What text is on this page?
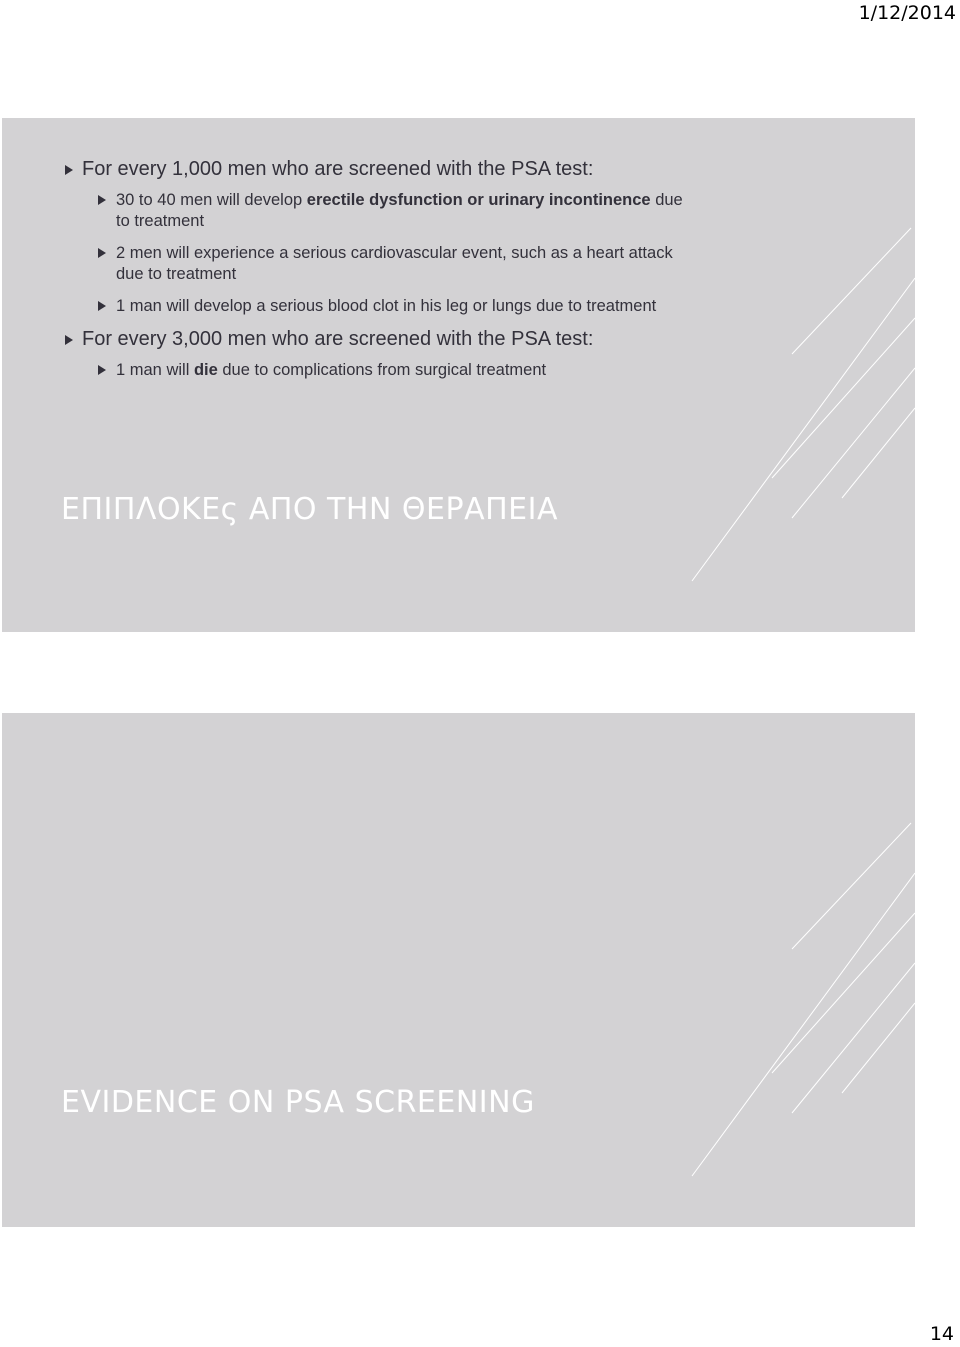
1/12/2014
For every 1,000 men who are screened with the PSA test:
30 to 40 men will develop erectile dysfunction or urinary incontinence due to treatment
2 men will experience a serious cardiovascular event, such as a heart attack due to treatment
1 man will develop a serious blood clot in his leg or lungs due to treatment
For every 3,000 men who are screened with the PSA test:
1 man will die due to complications from surgical treatment
ΕΠΙΠΛΟΚΕς ΑΠΟ ΤΗΝ ΘΕΡΑΠΕΙΑ
EVIDENCE ON PSA SCREENING
14
